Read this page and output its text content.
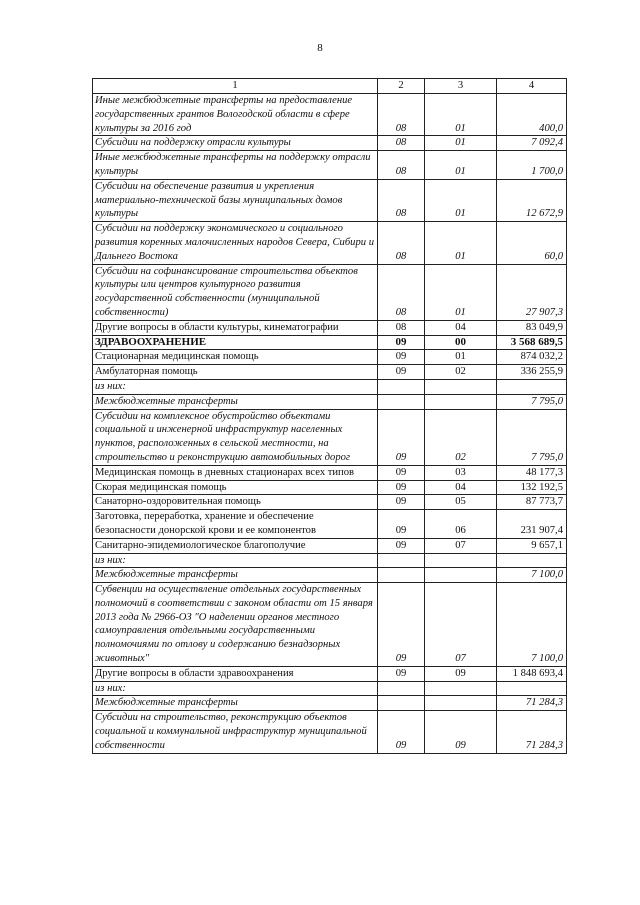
8
1	2	3	4
Иные межбюджетные трансферты на предоставление государственных грантов Вологодской области в сфере культуры за 2016 год	08	01	400,0
Субсидии на поддержку отрасли культуры	08	01	7 092,4
Иные межбюджетные трансферты на поддержку отрасли культуры	08	01	1 700,0
Субсидии на обеспечение развития и укрепления материально-технической базы муниципальных домов культуры	08	01	12 672,9
Субсидии на поддержку экономического и социального развития коренных малочисленных народов Севера, Сибири и Дальнего Востока	08	01	60,0
Субсидии на софинансирование строительства объектов культуры или центров культурного развития государственной собственности (муниципальной собственности)	08	01	27 907,3
Другие вопросы в области культуры, кинематографии	08	04	83 049,9
ЗДРАВООХРАНЕНИЕ	09	00	3 568 689,5
Стационарная медицинская помощь	09	01	874 032,2
Амбулаторная помощь	09	02	336 255,9
из них:			
Межбюджетные трансферты			7 795,0
Субсидии на комплексное обустройство объектами социальной и инженерной инфраструктур населенных пунктов, расположенных в сельской местности, на строительство и реконструкцию автомобильных дорог	09	02	7 795,0
Медицинская помощь в дневных стационарах всех типов	09	03	48 177,3
Скорая медицинская помощь	09	04	132 192,5
Санаторно-оздоровительная помощь	09	05	87 773,7
Заготовка, переработка, хранение и обеспечение безопасности донорской крови и ее компонентов	09	06	231 907,4
Санитарно-эпидемиологическое благополучие	09	07	9 657,1
из них:			
Межбюджетные трансферты			7 100,0
Субвенции на осуществление отдельных государственных полномочий в соответствии с законом области от 15 января 2013 года № 2966-ОЗ "О наделении органов местного самоуправления отдельными государственными полномочиями по отлову и содержанию безнадзорных животных"	09	07	7 100,0
Другие вопросы в области здравоохранения	09	09	1 848 693,4
из них:			
Межбюджетные трансферты			71 284,3
Субсидии на строительство, реконструкцию объектов социальной и коммунальной инфраструктур муниципальной собственности	09	09	71 284,3
